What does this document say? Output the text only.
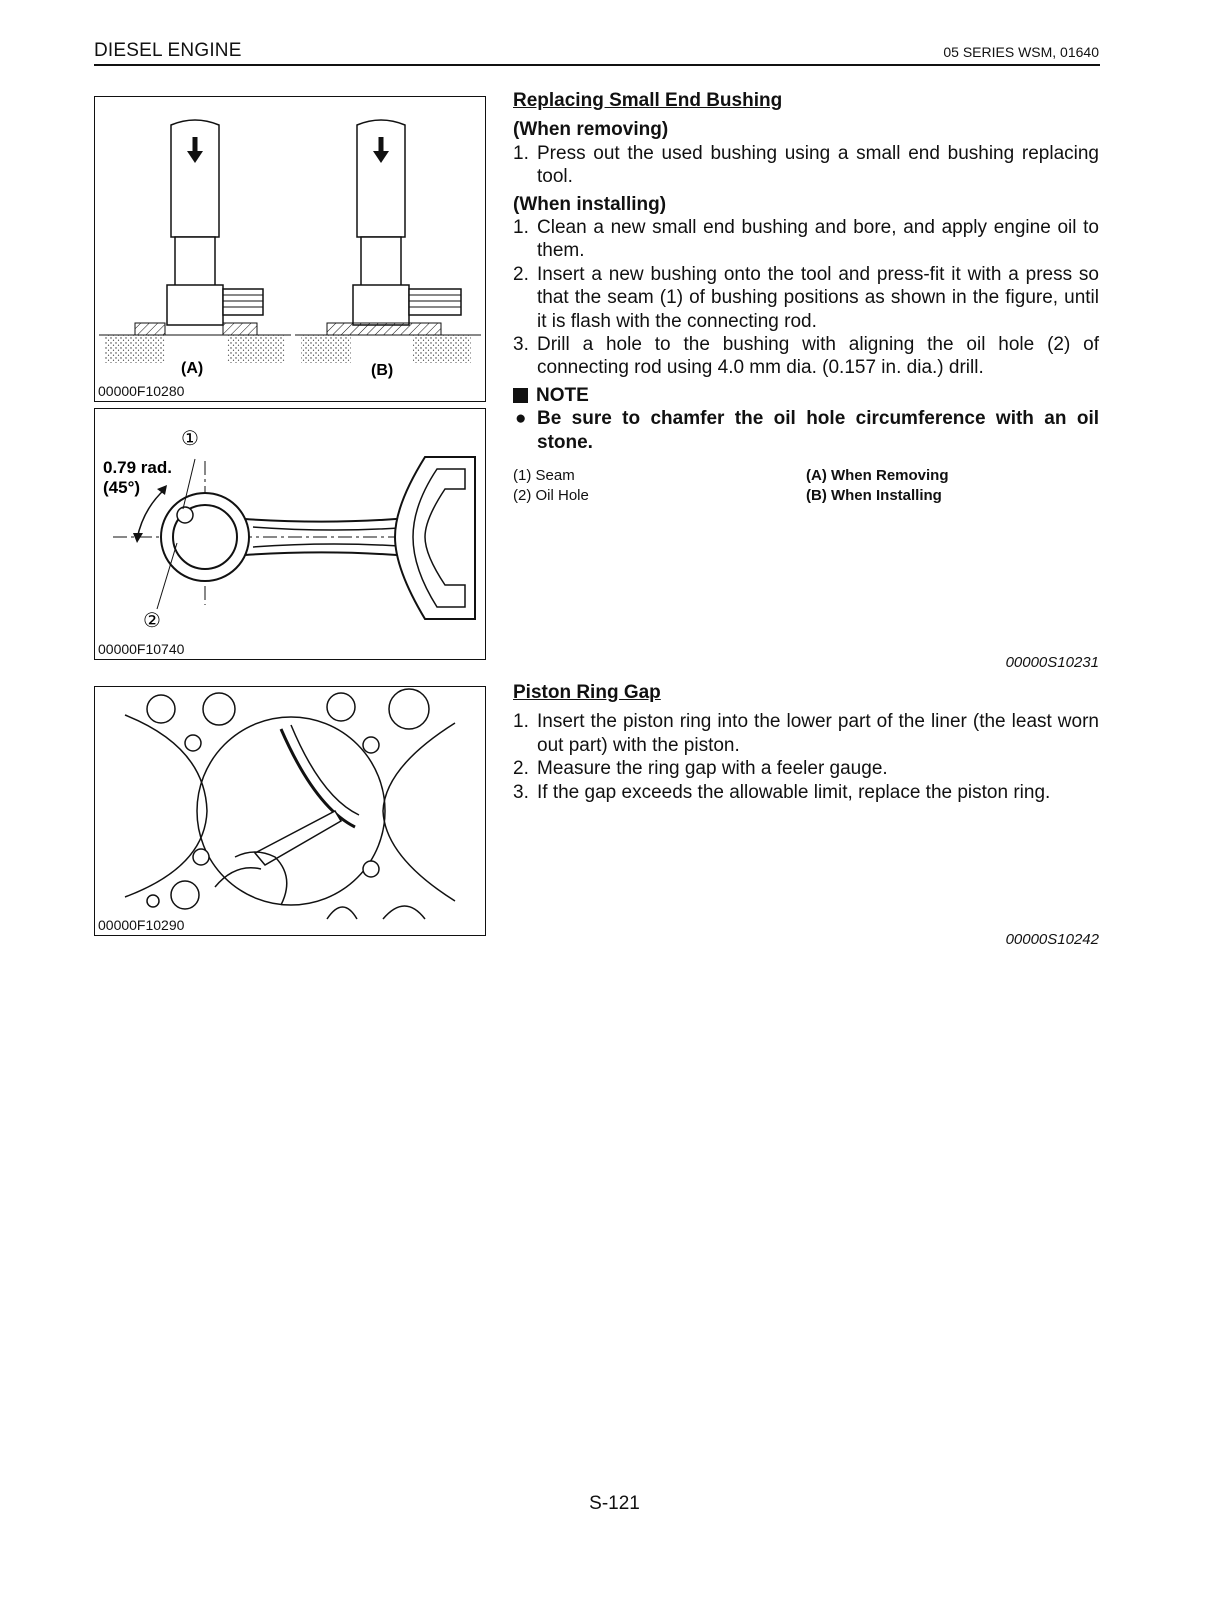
DIESEL ENGINE	05 SERIES WSM, 01640
(A)	(B)
00000F10280
0.79 rad.
(45°)
①
②
00000F10740
00000F10290
Replacing Small End Bushing
(When removing)
1. Press out the used bushing using a small end bushing replacing tool.
(When installing)
1. Clean a new small end bushing and bore, and apply engine oil to them.
2. Insert a new bushing onto the tool and press-fit it with a press so that the seam (1) of bushing positions as shown in the figure, until it is flash with the connecting rod.
3. Drill a hole to the bushing with aligning the oil hole (2) of connecting rod using 4.0 mm dia. (0.157 in. dia.) drill.
NOTE
● Be sure to chamfer the oil hole circumference with an oil stone.
(1) Seam	(A) When Removing
(2) Oil Hole	(B) When Installing
00000S10231
Piston Ring Gap
1. Insert the piston ring into the lower part of the liner (the least worn out part) with the piston.
2. Measure the ring gap with a feeler gauge.
3. If the gap exceeds the allowable limit, replace the piston ring.
00000S10242
S-121
